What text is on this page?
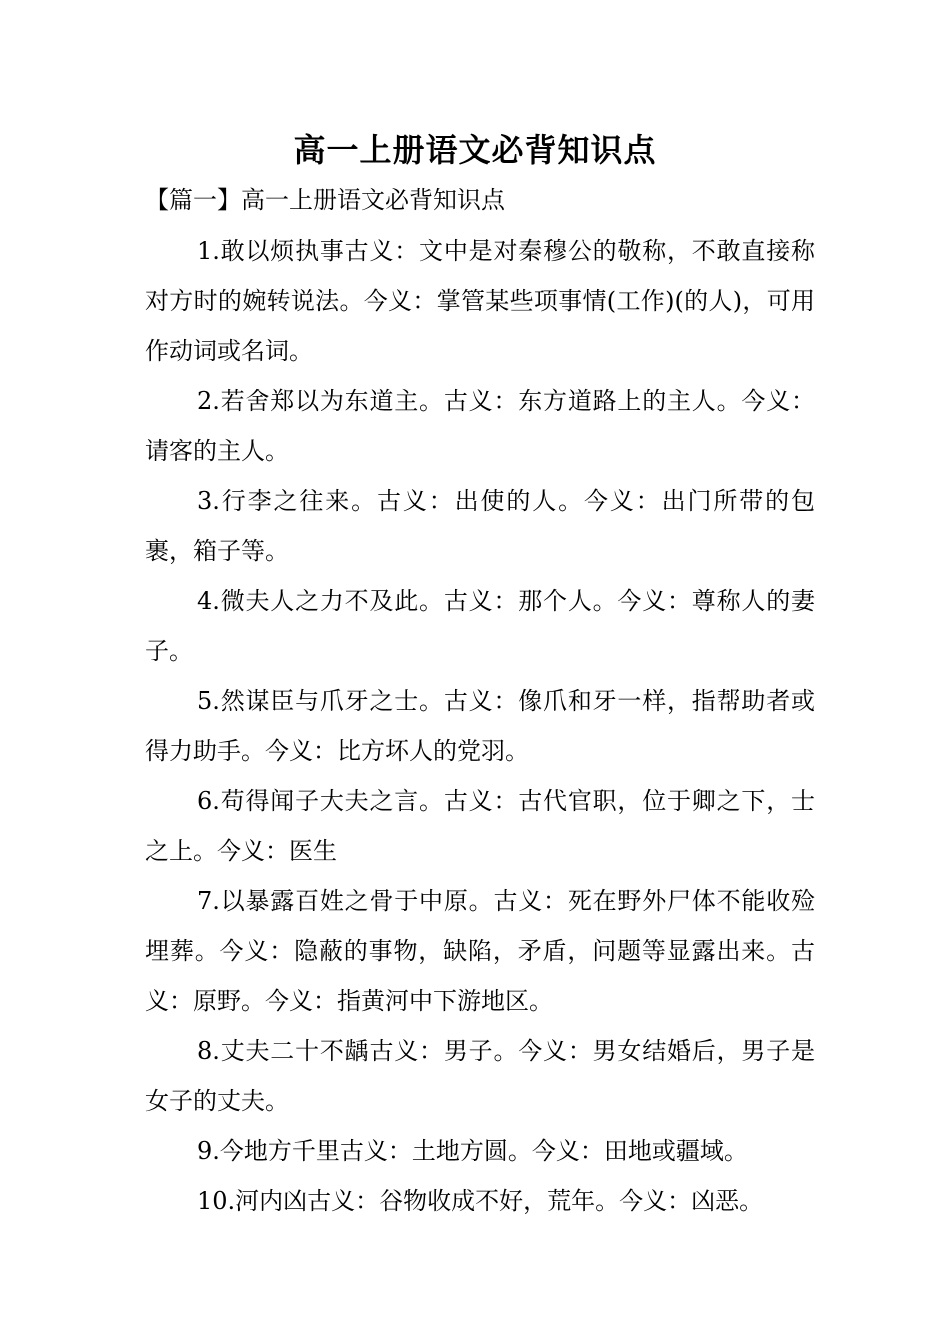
高一上册语文必背知识点
【篇一】高一上册语文必背知识点

1.敢以烦执事古义：文中是对秦穆公的敬称，不敢直接称对方时的婉转说法。今义：掌管某些项事情(工作)(的人)，可用作动词或名词。

2.若舍郑以为东道主。古义：东方道路上的主人。今义：请客的主人。

3.行李之往来。古义：出使的人。今义：出门所带的包裹，箱子等。

4.微夫人之力不及此。古义：那个人。今义：尊称人的妻子。

5.然谋臣与爪牙之士。古义：像爪和牙一样，指帮助者或得力助手。今义：比方坏人的党羽。

6.苟得闻子大夫之言。古义：古代官职，位于卿之下，士之上。今义：医生

7.以暴露百姓之骨于中原。古义：死在野外尸体不能收殓埋葬。今义：隐蔽的事物，缺陷，矛盾，问题等显露出来。古义：原野。今义：指黄河中下游地区。

8.丈夫二十不龋古义：男子。今义：男女结婚后，男子是女子的丈夫。

9.今地方千里古义：土地方圆。今义：田地或疆域。

10.河内凶古义：谷物收成不好，荒年。今义：凶恶。
